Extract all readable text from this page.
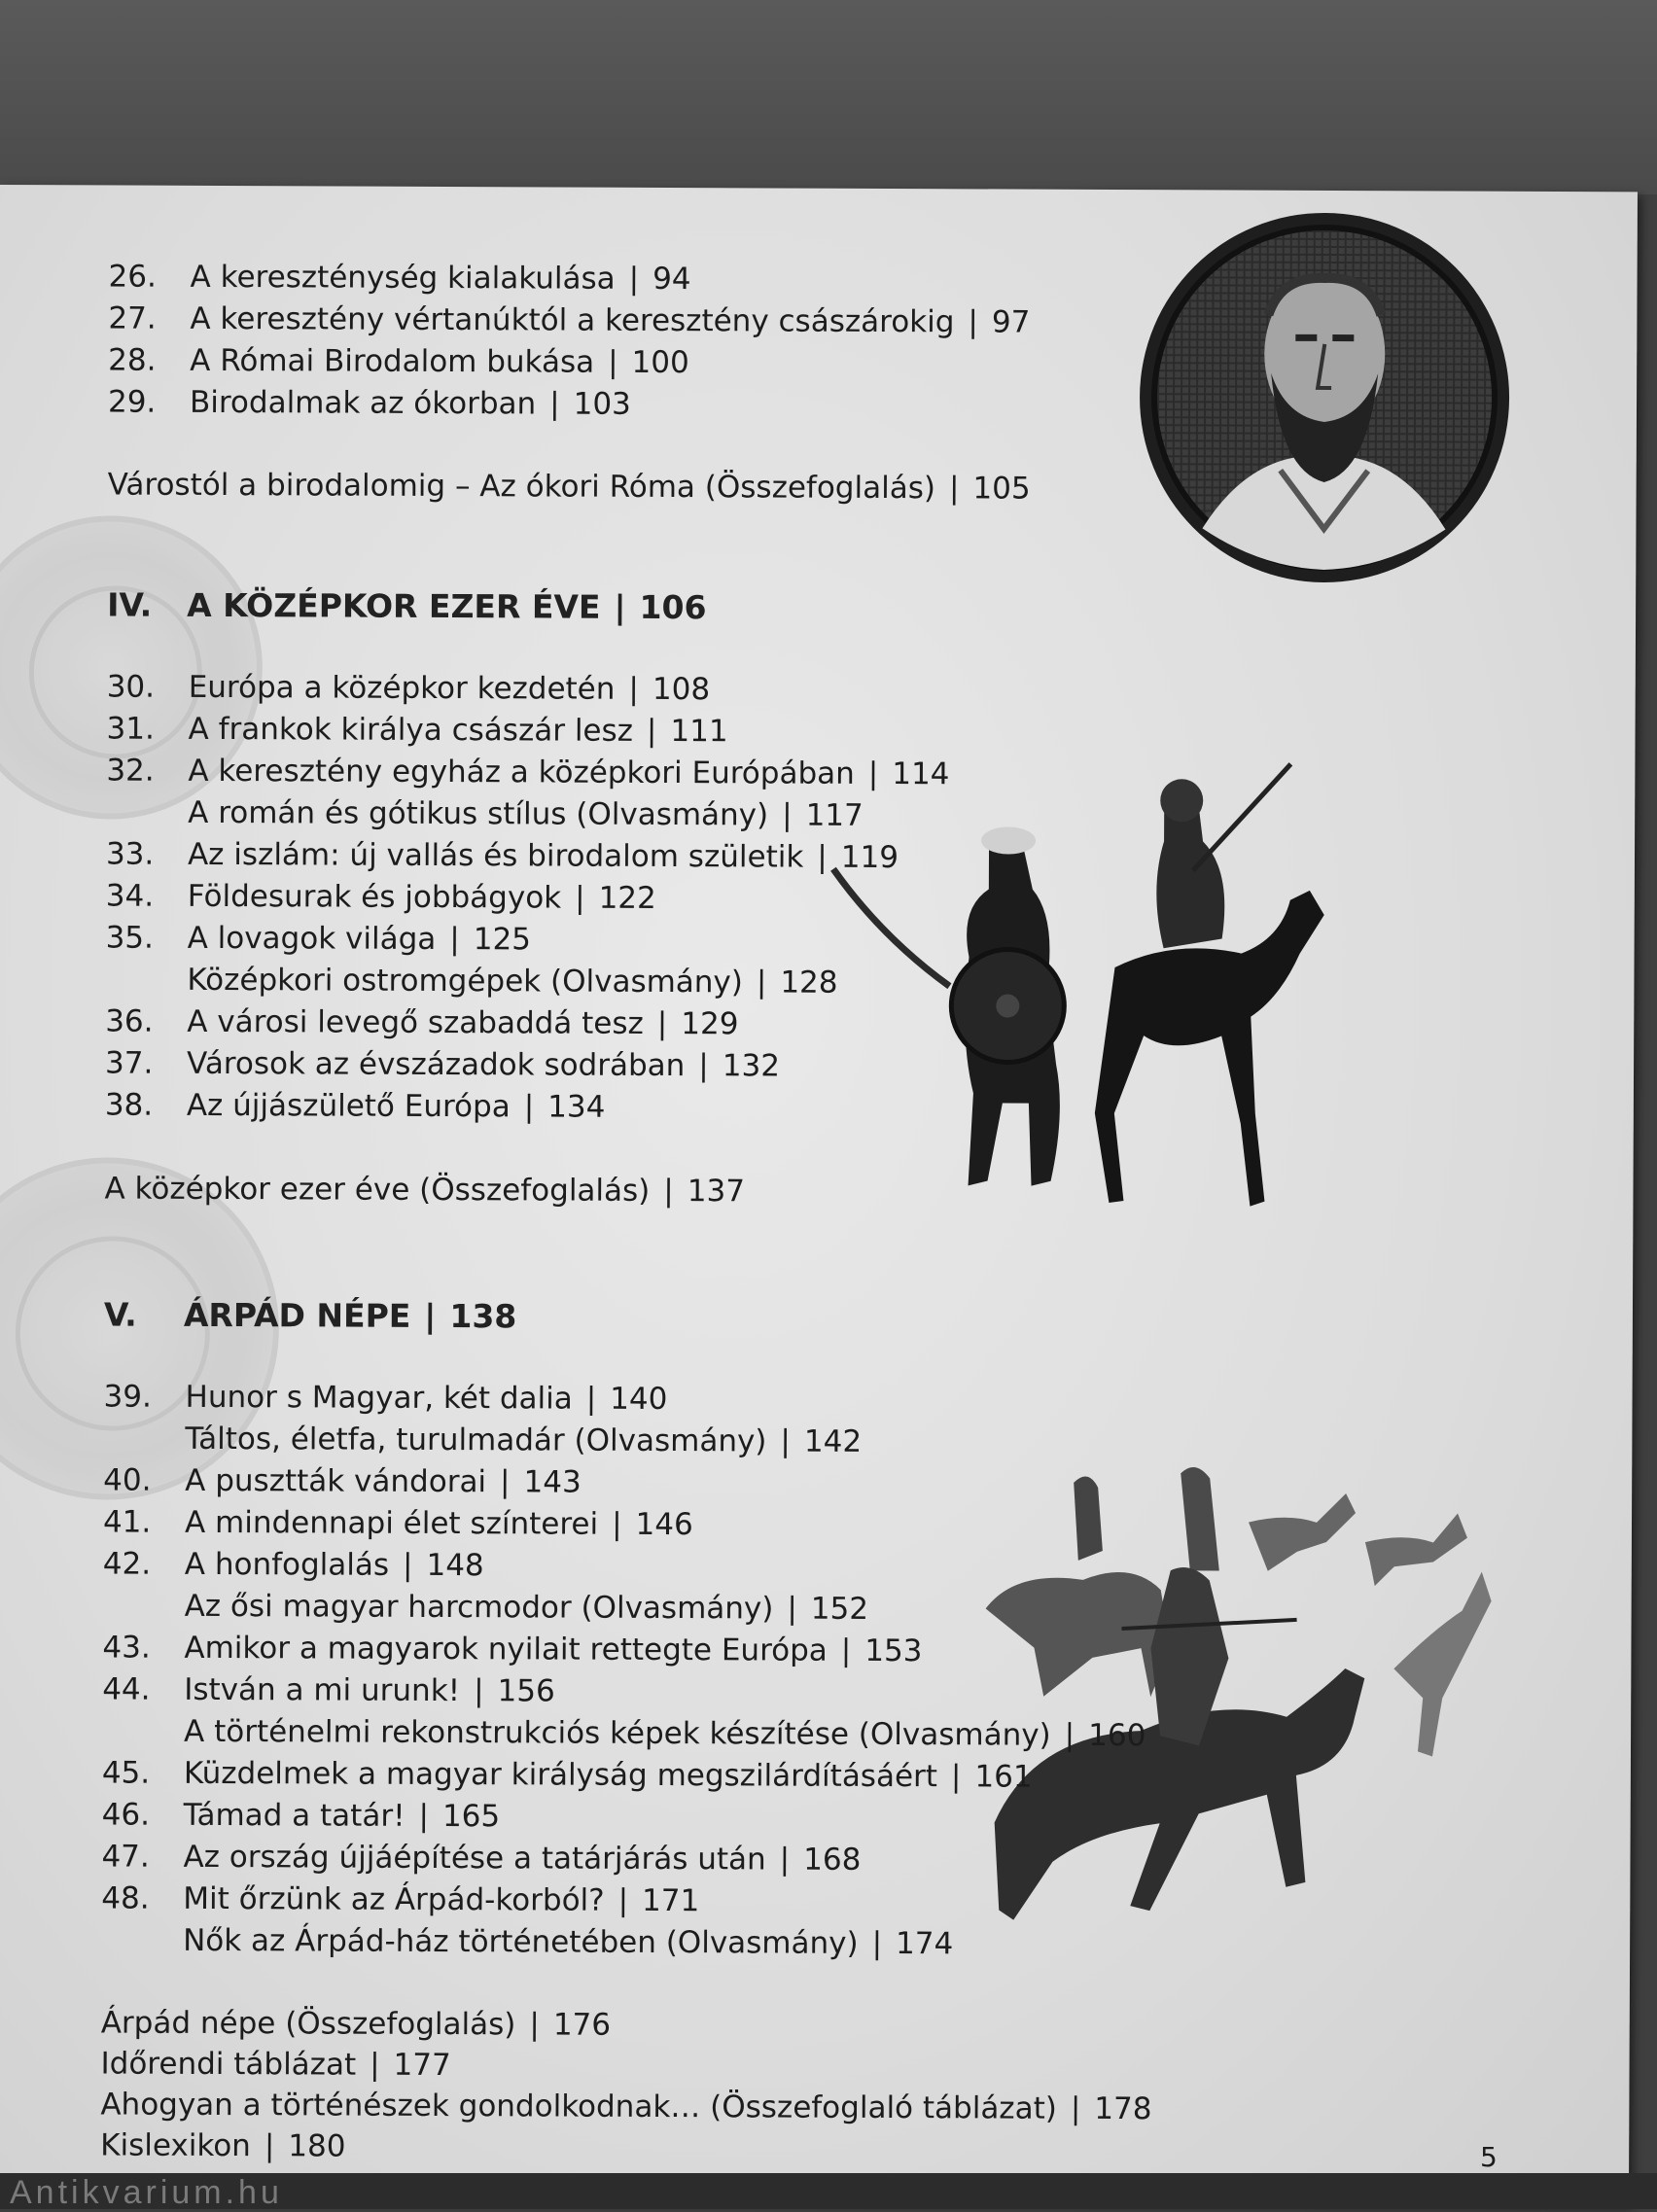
26. A kereszténység kialakulása | 94
27. A keresztény vértanúktól a keresztény császárokig | 97
28. A Római Birodalom bukása | 100
29. Birodalmak az ókorban | 103
Várostól a birodalomig – Az ókori Róma (Összefoglalás) | 105
IV. A KÖZÉPKOR EZER ÉVE | 106
30. Európa a középkor kezdetén | 108
31. A frankok királya császár lesz | 111
32. A keresztény egyház a középkori Európában | 114
A román és gótikus stílus (Olvasmány) | 117
33. Az iszlám: új vallás és birodalom születik | 119
34. Földesurak és jobbágyok | 122
35. A lovagok világa | 125
Középkori ostromgépek (Olvasmány) | 128
36. A városi levegő szabaddá tesz | 129
37. Városok az évszázadok sodrában | 132
38. Az újjászülető Európa | 134
A középkor ezer éve (Összefoglalás) | 137
V. ÁRPÁD NÉPE | 138
39. Hunor s Magyar, két dalia | 140
Táltos, életfa, turulmadár (Olvasmány) | 142
40. A pusztták vándorai | 143
41. A mindennapi élet színterei | 146
42. A honfoglalás | 148
Az ősi magyar harcmodor (Olvasmány) | 152
43. Amikor a magyarok nyilait rettegte Európa | 153
44. István a mi urunk! | 156
A történelmi rekonstrukciós képek készítése (Olvasmány) | 160
45. Küzdelmek a magyar királyság megszilárdításáért | 161
46. Támad a tatár! | 165
47. Az ország újjáépítése a tatárjárás után | 168
48. Mit őrzünk az Árpád-korból? | 171
Nők az Árpád-ház történetében (Olvasmány) | 174
Árpád népe (Összefoglalás) | 176
Időrendi táblázat | 177
Ahogyan a történészek gondolkodnak… (Összefoglaló táblázat) | 178
Kislexikon | 180	5
Antikvarium.hu
